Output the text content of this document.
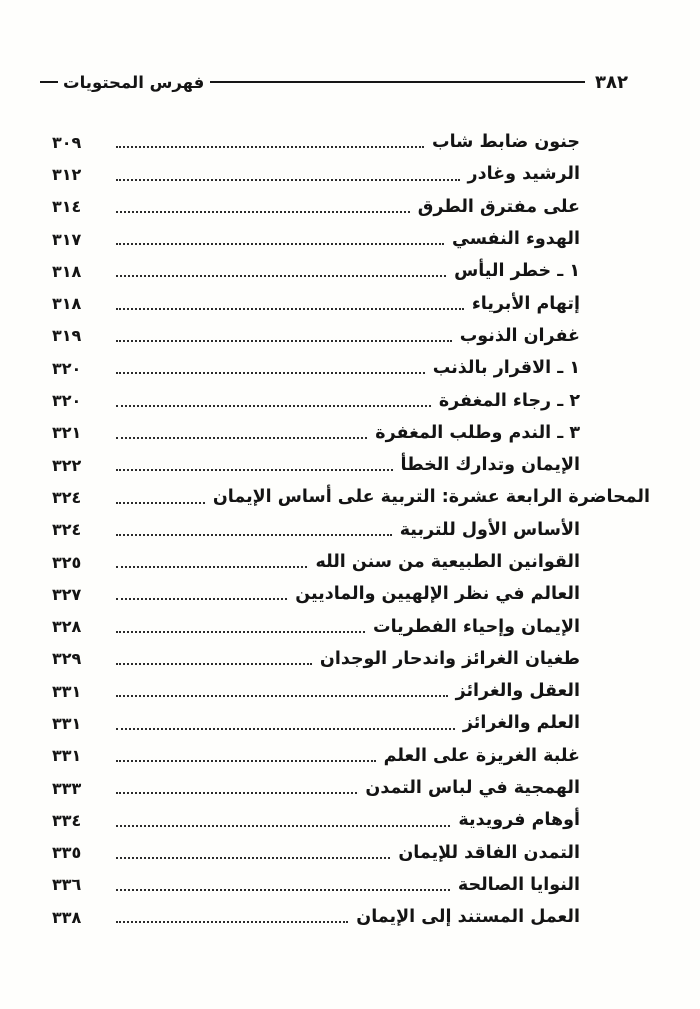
فهرس المحتويات	٣٨٢
جنون ضابط شاب
٣٠٩
الرشيد وغادر
٣١٢
على مفترق الطرق
٣١٤
الهدوء النفسي
٣١٧
١ ـ خطر اليأس
٣١٨
إتهام الأبرياء
٣١٨
غفران الذنوب
٣١٩
١ ـ الاقرار بالذنب
٣٢٠
٢ ـ رجاء المغفرة
٣٢٠
٣ ـ الندم وطلب المغفرة
٣٢١
الإيمان وتدارك الخطأ
٣٢٢
المحاضرة الرابعة عشرة: التربية على أساس الإيمان
٣٢٤
الأساس الأول للتربية
٣٢٤
القوانين الطبيعية من سنن الله
٣٢٥
العالم في نظر الإلهيين والماديين
٣٢٧
الإيمان وإحياء الفطريات
٣٢٨
طغيان الغرائز واندحار الوجدان
٣٢٩
العقل والغرائز
٣٣١
العلم والغرائز
٣٣١
غلبة الغريزة على العلم
٣٣١
الهمجية في لباس التمدن
٣٣٣
أوهام فرويدية
٣٣٤
التمدن الفاقد للإيمان
٣٣٥
النوايا الصالحة
٣٣٦
العمل المستند إلى الإيمان
٣٣٨
